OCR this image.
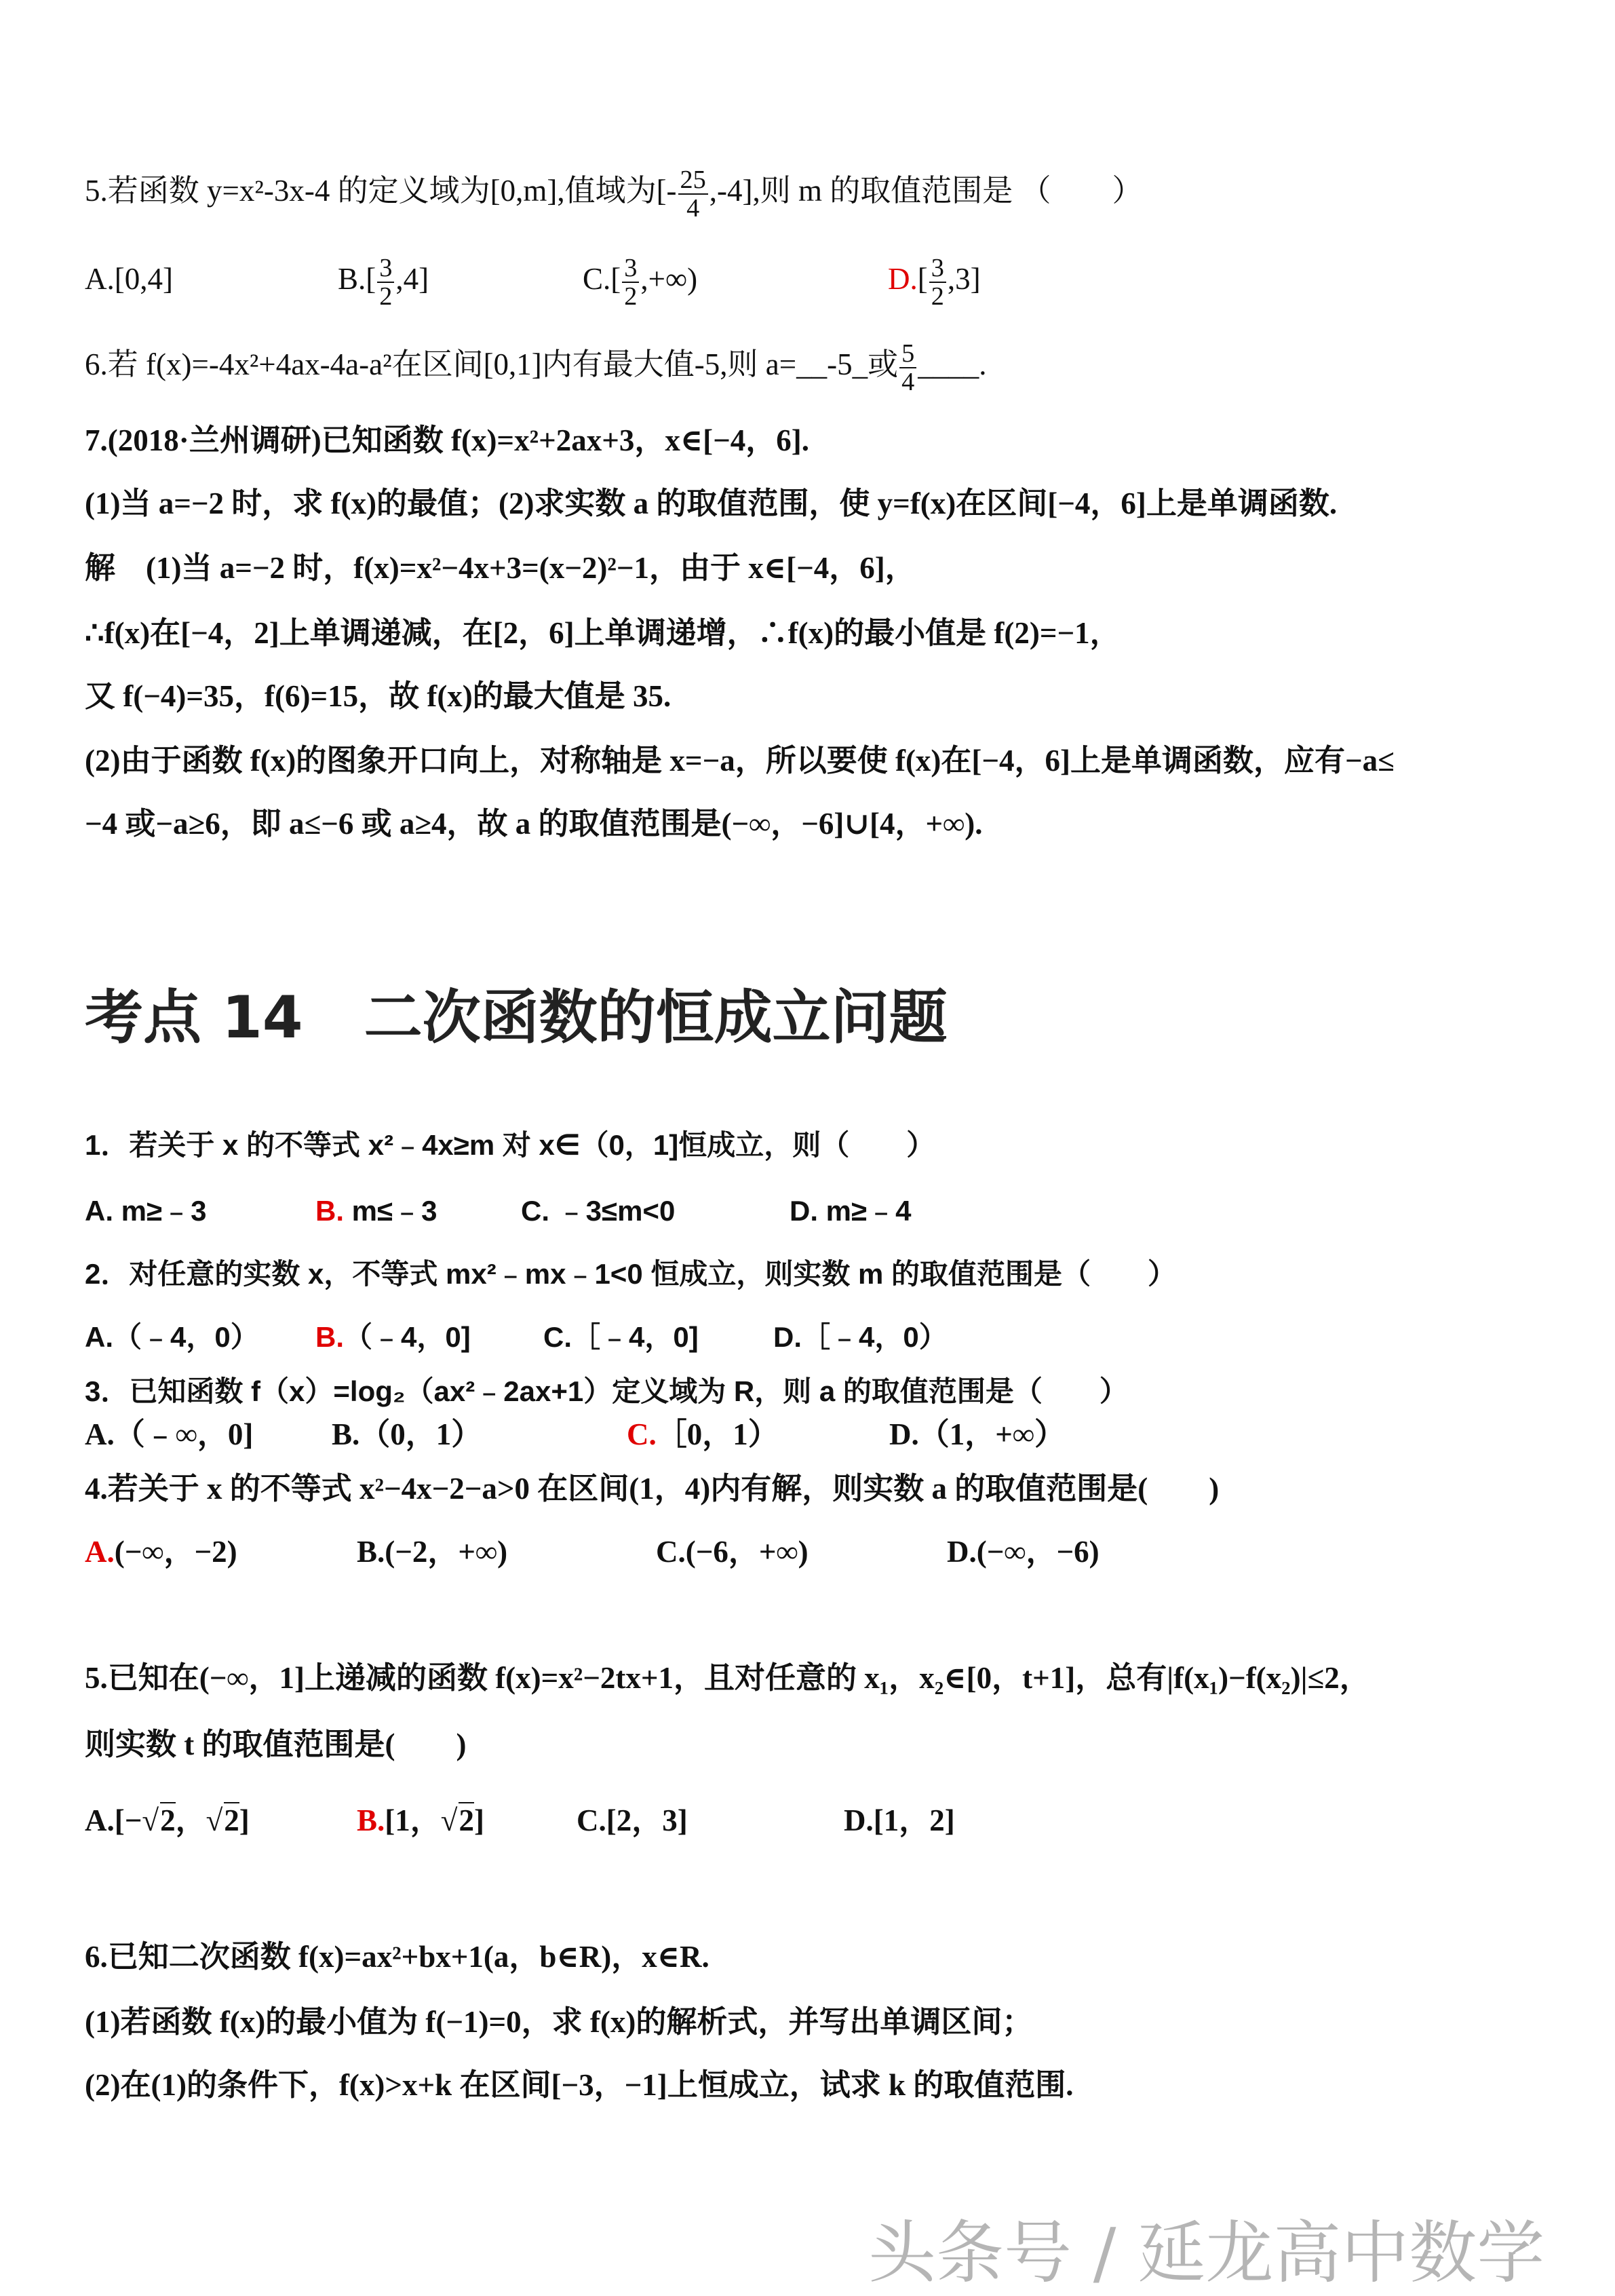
5.若函数 y=x²-3x-4 的定义域为[0,m],值域为[- $\frac{25}{4} ,-4$],则 m 的取值范围是 （　　）
A.[0,4]	$B.[ \frac{3}{2} ,4]$	$C.[ \frac{3}{2}$ ,+∞)	$D.[ \frac{3}{2} ,3]$
6.若 f(x)=-4x²+4ax-4a-a²在区间[0,1]内有最大值-5,则 a=__-5_或 $\frac{5}{4}$ ____.
7.(2018·兰州调研)已知函数 f(x)=x²+2ax+3，x∈[−4，6].
(1)当 a=−2 时，求 f(x)的最值；(2)求实数 a 的取值范围，使 y=f(x)在区间[−4，6]上是单调函数.
解　(1)当 a=−2 时，f(x)=x²−4x+3=(x−2)²−1，由于 x∈[−4，6]，
∴f(x)在[−4，2]上单调递减，在[2，6]上单调递增，∴f(x)的最小值是 f(2)=−1，
又 f(−4)=35，f(6)=15，故 f(x)的最大值是 35.
(2)由于函数 f(x)的图象开口向上，对称轴是 x=−a，所以要使 f(x)在[−4，6]上是单调函数，应有−a≤
−4 或−a≥6，即 a≤−6 或 a≥4，故 a 的取值范围是(−∞，−6]∪[4，+∞).
考点 14 二次函数的恒成立问题
1．若关于 x 的不等式 x²﹣4x≥m 对 x∈（0，1]恒成立，则（　　）
A. m≥﹣3	B. m≤﹣3	C. ﹣3≤m<0	D. m≥﹣4
2．对任意的实数 x，不等式 mx²﹣mx﹣1<0 恒成立，则实数 m 的取值范围是（　　）
A.（﹣4，0）	B.（﹣4，0]	C.［﹣4，0]	D.［﹣4，0）
3．已知函数 f（x）=log₂（ax²﹣2ax+1）定义域为 R，则 a 的取值范围是（　　）
A.（﹣∞，0]	B.（0，1）	C.［0，1）	D.（1，+∞）
4.若关于 x 的不等式 x²−4x−2−a>0 在区间(1，4)内有解，则实数 a 的取值范围是(　　)
A.(−∞，−2)	B.(−2，+∞)	C.(−6，+∞)	D.(−∞，−6)
5.已知在(−∞，1]上递减的函数 f(x)=x²−2tx+1，且对任意的 x₁，x₂∈[0，t+1]，总有|f(x₁)−f(x₂)|≤2，
则实数 t 的取值范围是(　　)
A.[−√2，√2]	B.[1，√2]	C.[2，3]	D.[1，2]
6.已知二次函数 f(x)=ax²+bx+1(a，b∈R)，x∈R.
(1)若函数 f(x)的最小值为 f(−1)=0，求 f(x)的解析式，并写出单调区间；
(2)在(1)的条件下，f(x)>x+k 在区间[−3，−1]上恒成立，试求 k 的取值范围.
头条号 / 延龙高中数学
